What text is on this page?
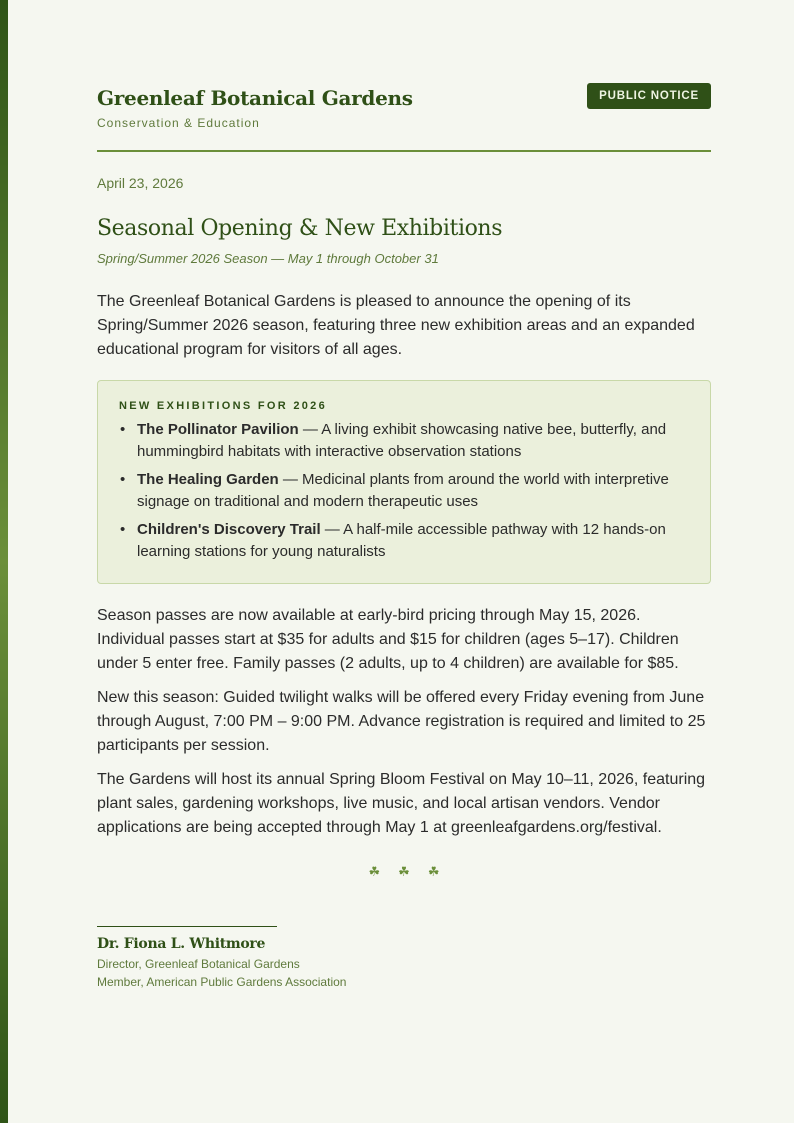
Greenleaf Botanical Gardens
Conservation & Education
PUBLIC NOTICE
April 23, 2026
Seasonal Opening & New Exhibitions
Spring/Summer 2026 Season — May 1 through October 31

The Greenleaf Botanical Gardens is pleased to announce the opening of its Spring/Summer 2026 season, featuring three new exhibition areas and an expanded educational program for visitors of all ages.

NEW EXHIBITIONS FOR 2026
• The Pollinator Pavilion — A living exhibit showcasing native bee, butterfly, and hummingbird habitats with interactive observation stations
• The Healing Garden — Medicinal plants from around the world with interpretive signage on traditional and modern therapeutic uses
• Children's Discovery Trail — A half-mile accessible pathway with 12 hands-on learning stations for young naturalists

Season passes are now available at early-bird pricing through May 15, 2026. Individual passes start at $35 for adults and $15 for children (ages 5–17). Children under 5 enter free. Family passes (2 adults, up to 4 children) are available for $85.

New this season: Guided twilight walks will be offered every Friday evening from June through August, 7:00 PM – 9:00 PM. Advance registration is required and limited to 25 participants per session.

The Gardens will host its annual Spring Bloom Festival on May 10–11, 2026, featuring plant sales, gardening workshops, live music, and local artisan vendors. Vendor applications are being accepted through May 1 at greenleafgardens.org/festival.

☘ ☘ ☘
Dr. Fiona L. Whitmore
Director, Greenleaf Botanical Gardens
Member, American Public Gardens Association
